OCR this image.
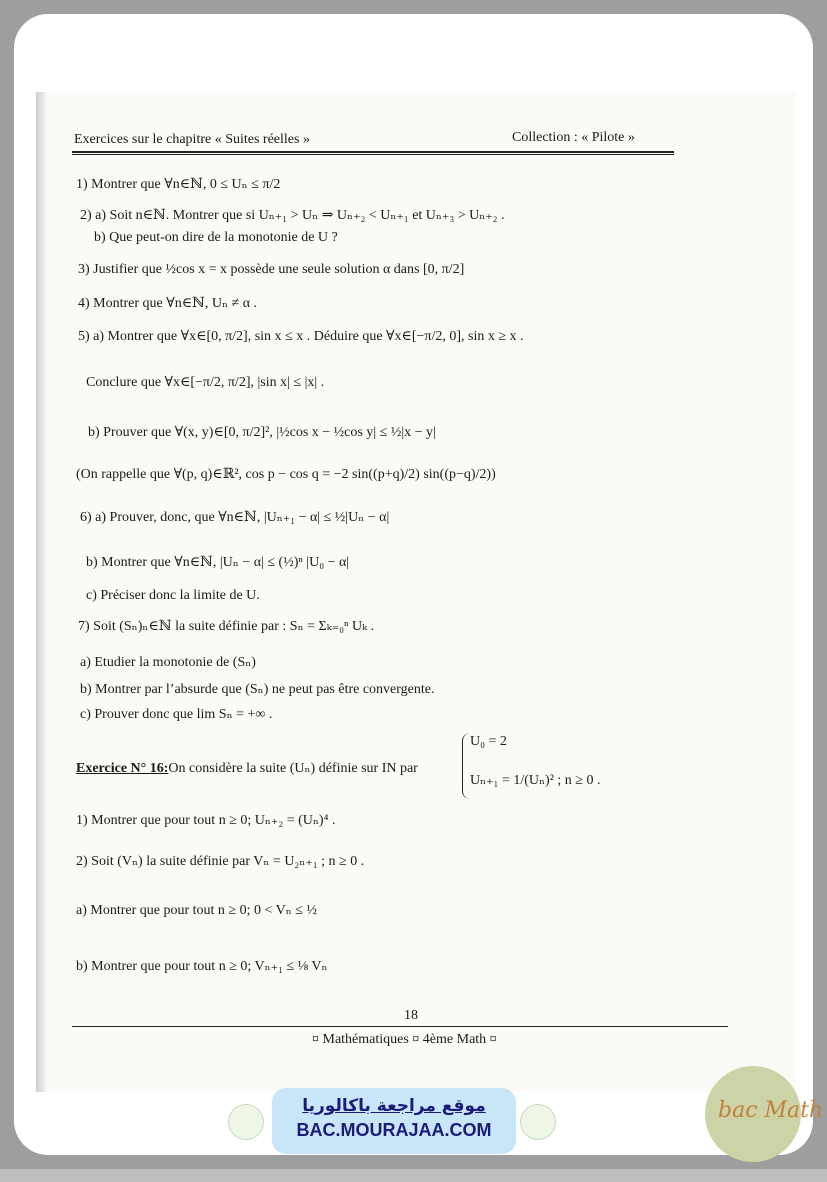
Exercices sur le chapitre « Suites réelles »	Collection : « Pilote »
1) Montrer que ∀n∈ℕ, 0 ≤ Uₙ ≤ π/2
2) a) Soit n∈ℕ. Montrer que si Uₙ₊₁ > Uₙ ⇒ Uₙ₊₂ < Uₙ₊₁ et Uₙ₊₃ > Uₙ₊₂ .
b) Que peut-on dire de la monotonie de U ?
3) Justifier que ½cos x = x possède une seule solution α dans [0, π/2]
4) Montrer que ∀n∈ℕ, Uₙ ≠ α .
5) a) Montrer que ∀x∈[0, π/2], sin x ≤ x . Déduire que ∀x∈[−π/2, 0], sin x ≥ x .
Conclure que ∀x∈[−π/2, π/2], |sin x| ≤ |x| .
b) Prouver que ∀(x, y)∈[0, π/2]², |½cos x − ½cos y| ≤ ½|x − y|
(On rappelle que ∀(p, q)∈ℝ², cos p − cos q = −2 sin((p+q)/2) sin((p−q)/2))
6) a) Prouver, donc, que ∀n∈ℕ, |Uₙ₊₁ − α| ≤ ½|Uₙ − α|
b) Montrer que ∀n∈ℕ, |Uₙ − α| ≤ (½)ⁿ |U₀ − α|
c) Préciser donc la limite de U.
7) Soit (Sₙ)ₙ∈ℕ la suite définie par : Sₙ = Σₖ₌₀ⁿ Uₖ .
a) Etudier la monotonie de (Sₙ)
b) Montrer par l’absurde que (Sₙ) ne peut pas être convergente.
c) Prouver donc que lim Sₙ = +∞ .
Exercice N° 16:On considère la suite (Uₙ) définie sur IN par
U₀ = 2
Uₙ₊₁ = 1/(Uₙ)² ; n ≥ 0 .
1) Montrer que pour tout n ≥ 0; Uₙ₊₂ = (Uₙ)⁴ .
2) Soit (Vₙ) la suite définie par Vₙ = U₂ₙ₊₁ ; n ≥ 0 .
a) Montrer que pour tout n ≥ 0; 0 < Vₙ ≤ ½
b) Montrer que pour tout n ≥ 0; Vₙ₊₁ ≤ ⅛ Vₙ
18
¤ Mathématiques ¤ 4ème Math ¤
موقع مراجعة باكالوريا
BAC.MOURAJAA.COM
bac Math
